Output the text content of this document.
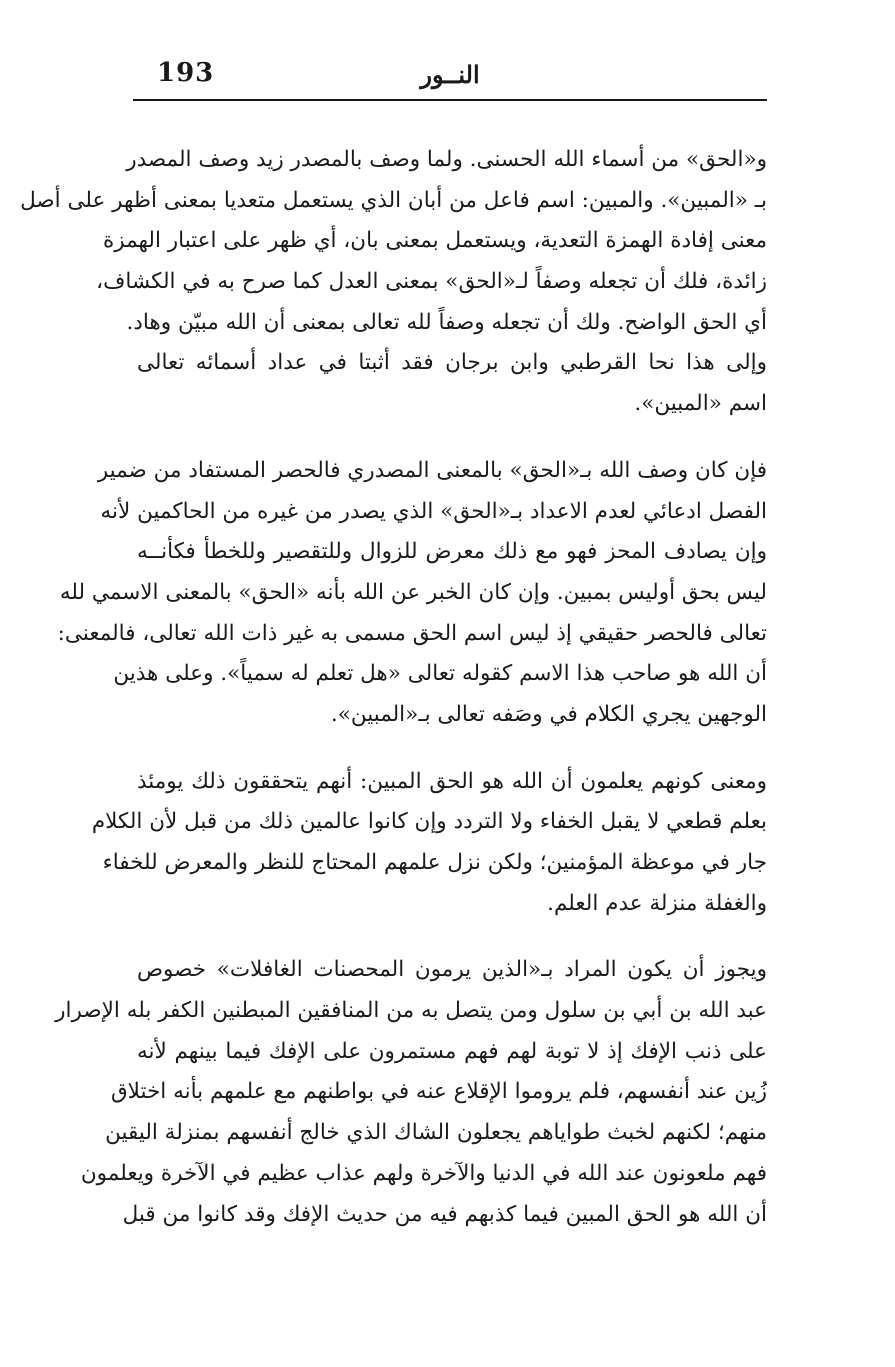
193	النــور
و«الحق» من أسماء الله الحسنى. ولما وصف بالمصدر زيد وصف المصدر
بـ «المبين». والمبين: اسم فاعل من أبان الذي يستعمل متعديا بمعنى أظهر على أصل
معنى إفادة الهمزة التعدية، ويستعمل بمعنى بان، أي ظهر على اعتبار الهمزة
زائدة، فلك أن تجعله وصفاً لـ«الحق» بمعنى العدل كما صرح به في الكشاف،
أي الحق الواضح. ولك أن تجعله وصفاً لله تعالى بمعنى أن الله مبيّن وهاد.
وإلى هذا نحا القرطبي وابن برجان فقد أثبتا في عداد أسمائه تعالى
اسم «المبين».
فإن كان وصف الله بـ«الحق» بالمعنى المصدري فالحصر المستفاد من ضمير
الفصل ادعائي لعدم الاعداد بـ«الحق» الذي يصدر من غيره من الحاكمين لأنه
وإن يصادف المحز فهو مع ذلك معرض للزوال وللتقصير وللخطأ فكأنــه
ليس بحق أوليس بمبين. وإن كان الخبر عن الله بأنه «الحق» بالمعنى الاسمي لله
تعالى فالحصر حقيقي إذ ليس اسم الحق مسمى به غير ذات الله تعالى، فالمعنى:
أن الله هو صاحب هذا الاسم كقوله تعالى «هل تعلم له سمياً». وعلى هذين
الوجهين يجري الكلام في وصَفه تعالى بـ«المبين».
ومعنى كونهم يعلمون أن الله هو الحق المبين: أنهم يتحققون ذلك يومئذ
بعلم قطعي لا يقبل الخفاء ولا التردد وإن كانوا عالمين ذلك من قبل لأن الكلام
جار في موعظة المؤمنين؛ ولكن نزل علمهم المحتاج للنظر والمعرض للخفاء
والغفلة منزلة عدم العلم.
ويجوز أن يكون المراد بـ«الذين يرمون المحصنات الغافلات» خصوص
عبد الله بن أبي بن سلول ومن يتصل به من المنافقين المبطنين الكفر بله الإصرار
على ذنب الإفك إذ لا توبة لهم فهم مستمرون على الإفك فيما بينهم لأنه
زُين عند أنفسهم، فلم يروموا الإقلاع عنه في بواطنهم مع علمهم بأنه اختلاق
منهم؛ لكنهم لخبث طواياهم يجعلون الشاك الذي خالج أنفسهم بمنزلة اليقين
فهم ملعونون عند الله في الدنيا والآخرة ولهم عذاب عظيم في الآخرة ويعلمون
أن الله هو الحق المبين فيما كذبهم فيه من حديث الإفك وقد كانوا من قبل
